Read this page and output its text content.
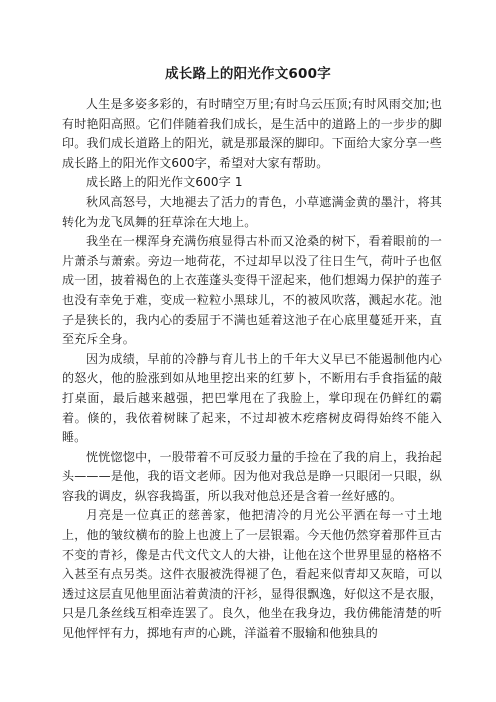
成长路上的阳光作文600字

人生是多姿多彩的，有时晴空万里;有时乌云压顶;有时风雨交加;也有时艳阳高照。它们伴随着我们成长，是生活中的道路上的一步步的脚印。我们成长道路上的阳光，就是那最深的脚印。下面给大家分享一些成长路上的阳光作文600字，希望对大家有帮助。

成长路上的阳光作文600字 1

秋风高怒号，大地褪去了活力的青色，小草遮满金黄的墨汁，将其转化为龙飞凤舞的狂草涂在大地上。

我坐在一棵浑身充满伤痕显得古朴而又沧桑的树下，看着眼前的一片萧杀与萧索。旁边一地荷花，不过却早以没了往日生气，荷叶子也伛成一团，披着褐色的上衣莲蓬头变得干涩起来，他们想竭力保护的莲子也没有幸免于难，变成一粒粒小黑球儿，不的被风吹落，溅起水花。池子是狭长的，我内心的委屈于不满也延着这池子在心底里蔓延开来，直至充斥全身。

因为成绩，早前的冷静与育儿书上的千年大义早已不能遏制他内心的怒火，他的脸涨到如从地里挖出来的红萝卜，不断用右手食指猛的敲打桌面，最后越来越强，把巴掌甩在了我脸上，掌印现在仍鲜红的霸着。倏的，我依着树睐了起来，不过却被木疙瘩树皮碍得始终不能入睡。

恍恍惚惚中，一股带着不可反驳力量的手捡在了我的肩上，我抬起头———是他，我的语文老师。因为他对我总是睁一只眼闭一只眼，纵容我的调皮，纵容我捣蛋，所以我对他总还是含着一丝好感的。

月亮是一位真正的慈善家，他把清冷的月光公平洒在每一寸土地上，他的皱纹横布的脸上也渡上了一层银霜。今天他仍然穿着那件亘古不变的青衫，像是古代文代文人的大褂，让他在这个世界里显的格格不入甚至有点另类。这件衣服被洗得褪了色，看起来似青却又灰暗，可以透过这层直见他里面沾着黄渍的汗衫，显得很飘逸，好似这不是衣服，只是几条丝线互相牵连罢了。良久，他坐在我身边，我仿佛能清楚的听见他怦怦有力，掷地有声的心跳，洋溢着不服输和他独具的
